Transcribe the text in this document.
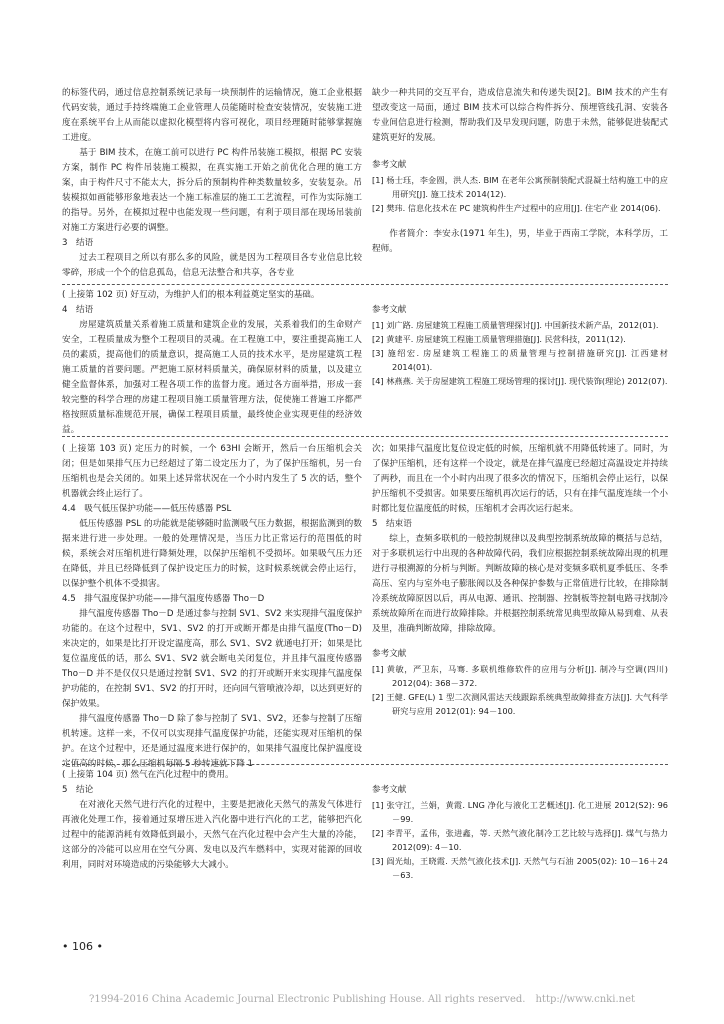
的标签代码，通过信息控制系统记录每一块预制件的运输情况，施工企业根据代码安装，通过手持终端施工企业管理人员能随时检查安装情况，安装施工进度在系统平台上从而能以虚拟化模型将内容可视化，项目经理随时能够掌握施工进度。

基于 BIM 技术，在施工前可以进行 PC 构件吊装施工模拟，根据 PC 安装方案，制作 PC 构件吊装施工模拟，在真实施工开始之前优化合理的施工方案，由于构件尺寸不能太大，拆分后的预制构件种类数量较多，安装复杂。吊装模拟如画能够形象地表达一个施工标准层的施工工艺流程，可作为实际施工的指导。另外，在模拟过程中也能发现一些问题，有利于项目部在现场吊装前对施工方案进行必要的调整。

3　结语

过去工程项目之所以有那么多的风险，就是因为工程项目各专业信息比较零碎，形成一个个的信息孤岛，信息无法整合和共享，各专业

缺少一种共同的交互平台，造成信息流失和传递失误[2]。BIM 技术的产生有望改变这一局面，通过 BIM 技术可以综合构件拆分、预埋管线孔洞、安装各专业间信息进行检测，帮助我们及早发现问题，防患于未然，能够促进装配式建筑更好的发展。

参考文献

[1] 杨士珏，李金圆，洪人杰. BIM 在老年公寓预制装配式混凝土结构施工中的应用研究[J]. 施工技术 2014(12).

[2] 樊玮. 信息化技术在 PC 建筑构件生产过程中的应用[J]. 住宅产业 2014(06).

作者简介：李安永(1971 年生)，男，毕业于西南工学院，本科学历，工程师。

( 上接第 102 页) 好互动，为维护人们的根本利益奠定坚实的基础。

4　结语

房屋建筑质量关系着施工质量和建筑企业的发展，关系着我们的生命财产安全，工程质量成为整个工程项目的灵魂。在工程施工中，要注重提高施工人员的素质，提高他们的质量意识，提高施工人员的技术水平，是房屋建筑工程施工质量的首要问题。严把施工原材料质量关，确保原材料的质量，以及建立健全监督体系，加强对工程各项工作的监督力度。通过各方面举措，形成一套较完整的科学合理的房建工程项目施工质量管理方法，促使施工普遍工序都严格按照质量标准规范开展，确保工程项目质量，最终使企业实现更佳的经济效益。

参考文献

[1] 刘广路. 房屋建筑工程施工质量管理探讨[J]. 中国新技术新产品，2012(01).

[2] 黄建平. 房屋建筑工程施工质量管理措施[J]. 民营科技，2011(12).

[3] 施绍宏. 房屋建筑工程施工的质量管理与控制措施研究[J]. 江西建材 2014(01).

[4] 林燕燕. 关于房屋建筑工程施工现场管理的探讨[J]. 现代装饰(理论) 2012(07).

( 上接第 103 页) 定压力的时候，一个 63HI 会断开，然后一台压缩机会关闭；但是如果排气压力已经超过了第二设定压力了，为了保护压缩机，另一台压缩机也是会关闭的。如果上述异常状况在一个小时内发生了 5 次的话，整个机器就会终止运行了。

4.4　吸气低压保护功能——低压传感器 PSL

低压传感器 PSL 的功能就是能够随时监测吸气压力数据，根据监测到的数据来进行进一步处理。一般的处理情况是，当压力比正常运行的范围低的时候，系统会对压缩机进行降频处理，以保护压缩机不受损坏。如果吸气压力还在降低，并且已经降低到了保护设定压力的时候，这时候系统就会停止运行，以保护整个机体不受损害。

4.5　排气温度保护功能——排气温度传感器 Tho－D

排气温度传感器 Tho－D 是通过参与控制 SV1、SV2 来实现排气温度保护功能的。在这个过程中，SV1、SV2 的打开或断开都是由排气温度(Tho－D) 来决定的，如果是比打开设定温度高，那么 SV1、SV2 就通电打开；如果是比复位温度低的话，那么 SV1、SV2 就会断电关闭复位，并且排气温度传感器 Tho－D 并不是仅仅只是通过控制 SV1、SV2 的打开或断开来实现排气温度保护功能的，在控制 SV1、SV2 的打开时，还向回气管喷液冷却，以达到更好的保护效果。

排气温度传感器 Tho－D 除了参与控制了 SV1、SV2，还参与控制了压缩机转速。这样一来，不仅可以实现排气温度保护功能，还能实现对压缩机的保护。在这个过程中，还是通过温度来进行保护的，如果排气温度比保护温度设定值高的时候，那么压缩机每隔 5 秒转速就下降 1

次；如果排气温度比复位设定低的时候，压缩机就不用降低转速了。同时，为了保护压缩机，还有这样一个设定，就是在排气温度已经超过高温设定并持续了两秒，而且在一个小时内出现了很多次的情况下，压缩机会停止运行，以保护压缩机不受损害。如果要压缩机再次运行的话，只有在排气温度连续一个小时都比复位温度低的时候，压缩机才会再次运行起来。

5　结束语

综上，查频多联机的一般控制规律以及典型控制系统故障的概括与总结，对于多联机运行中出现的各种故障代码，我们应根据控制系统故障出现的机理进行寻根溯源的分析与判断。判断故障的核心是对变频多联机夏季低压、冬季高压、室内与室外电子膨胀阀以及各种保护参数与正常值进行比较，在排除制冷系统故障原因以后，再从电源、通讯、控制器、控制板等控制电路寻找制冷系统故障所在而进行故障排除。并根据控制系统常见典型故障从易到难、从表及里，准确判断故障，排除故障。

参考文献

[1] 黄敏，严卫东，马骞. 多联机维修软件的应用与分析[J]. 制冷与空调(四川) 2012(04): 368－372.

[2] 王健. GFE(L) 1 型二次测风雷达天线跟踪系统典型故障排查方法[J]. 大气科学研究与应用 2012(01): 94－100.

( 上接第 104 页) 然气在汽化过程中的费用。

5　结论

在对液化天然气进行汽化的过程中，主要是把液化天然气的蒸发气体进行再液化处理工作，接着通过泵增压进入汽化器中进行汽化的工艺，能够把汽化过程中的能源消耗有效降低到最小，天然气在汽化过程中会产生大量的冷能，这部分的冷能可以应用在空气分离、发电以及汽车燃料中，实现对能源的回收利用，同时对环境造成的污染能够大大减小。

参考文献

[1] 张守江，兰娟，黄霞. LNG 净化与液化工艺概述[J]. 化工进展 2012(S2): 96－99.

[2] 李青平，孟伟，张进鑫，等. 天然气液化制冷工艺比较与选择[J]. 煤气与热力 2012(09): 4－10.

[3] 阎光灿，王晓霞. 天然气液化技术[J]. 天然气与石油 2005(02): 10－16＋24－63.

• 106 •
?1994-2016 China Academic Journal Electronic Publishing House. All rights reserved.　http://www.cnki.net
